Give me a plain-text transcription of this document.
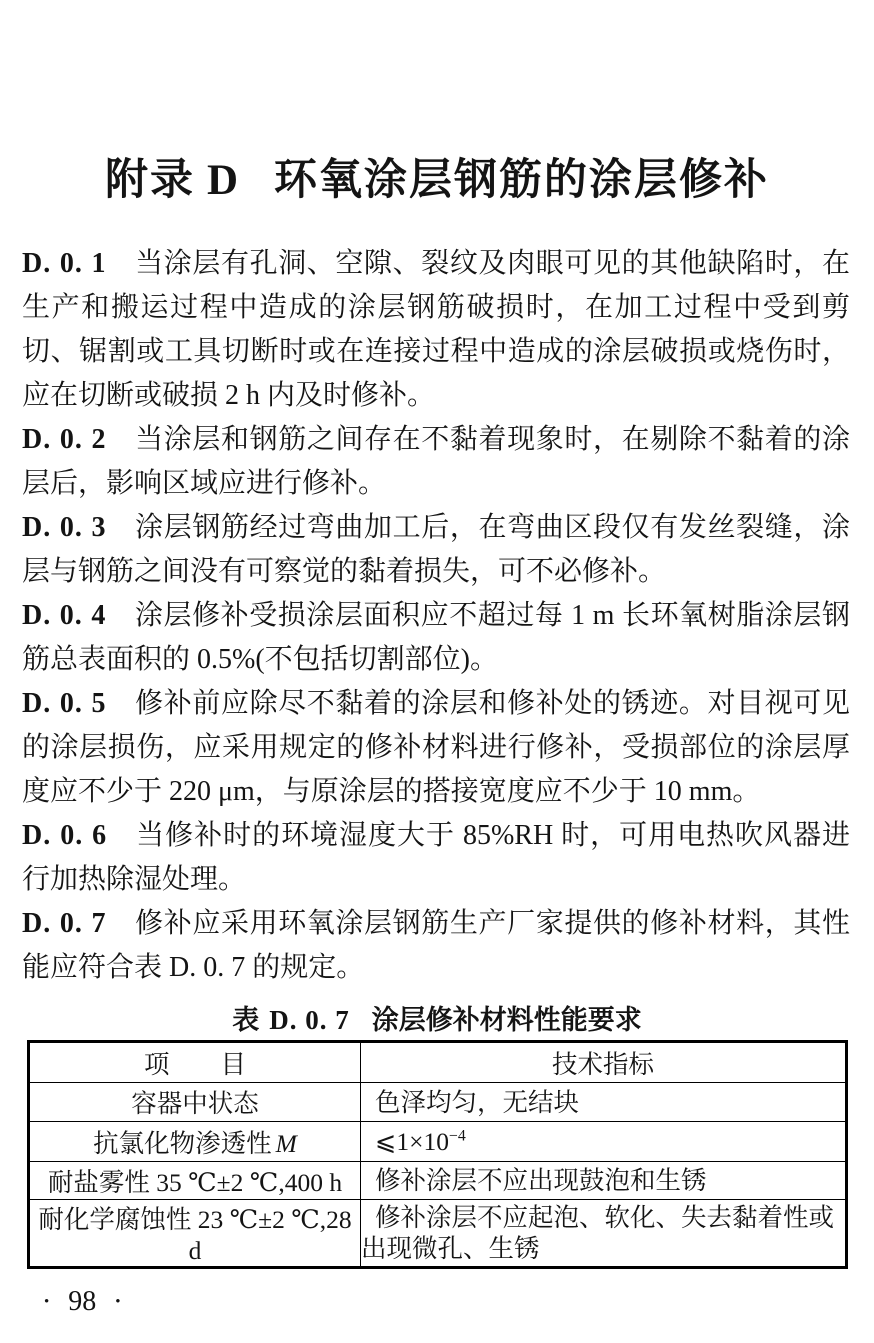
附录 D 环氧涂层钢筋的涂层修补

D. 0. 1 当涂层有孔洞、空隙、裂纹及肉眼可见的其他缺陷时，在生产和搬运过程中造成的涂层钢筋破损时，在加工过程中受到剪切、锯割或工具切断时或在连接过程中造成的涂层破损或烧伤时，应在切断或破损 2 h 内及时修补。

D. 0. 2 当涂层和钢筋之间存在不黏着现象时，在剔除不黏着的涂层后，影响区域应进行修补。

D. 0. 3 涂层钢筋经过弯曲加工后，在弯曲区段仅有发丝裂缝，涂层与钢筋之间没有可察觉的黏着损失，可不必修补。

D. 0. 4 涂层修补受损涂层面积应不超过每 1 m 长环氧树脂涂层钢筋总表面积的 0.5%(不包括切割部位)。

D. 0. 5 修补前应除尽不黏着的涂层和修补处的锈迹。对目视可见的涂层损伤，应采用规定的修补材料进行修补，受损部位的涂层厚度应不少于 220 μm，与原涂层的搭接宽度应不少于 10 mm。

D. 0. 6 当修补时的环境湿度大于 85%RH 时，可用电热吹风器进行加热除湿处理。

D. 0. 7 修补应采用环氧涂层钢筋生产厂家提供的修补材料，其性能应符合表 D. 0. 7 的规定。

表 D. 0. 7 涂层修补材料性能要求
项　　目	技术指标
容器中状态	色泽均匀，无结块
抗氯化物渗透性 M	$⩽1\times 10^{-4}$
耐盐雾性 35 ℃±2 ℃,400 h	修补涂层不应出现鼓泡和生锈
耐化学腐蚀性 23 ℃±2 ℃,28 d	修补涂层不应起泡、软化、失去黏着性或出现微孔、生锈
• 98 •
